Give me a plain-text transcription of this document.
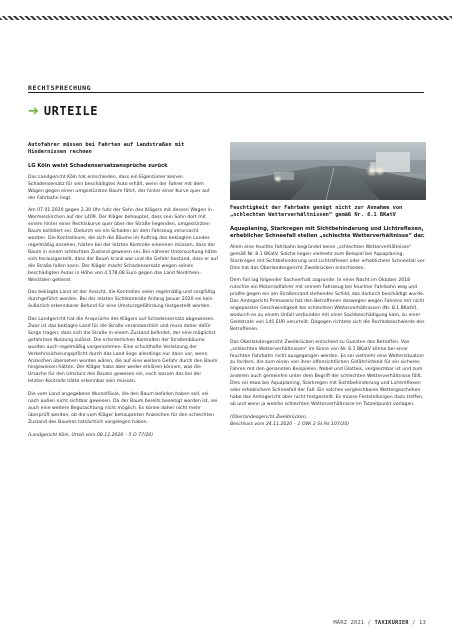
RECHTSPRECHUNG
➔ URTEILE
Autofahrer müssen bei Fahrten auf Landstraßen mit Hindernissen rechnen
LG Köln weist Schadensersatzansprüche zurück

Das Landgericht Köln hat entschieden, dass ein Eigentümer keinen Schadensersatz für sein beschädigtes Auto erhält, wenn der Fahrer mit dem Wagen gegen einen umgestürzten Baum fährt, der hinter einer Kurve quer auf der Fahrbahn liegt.

Am 07.01.2020 gegen 2.30 Uhr fuhr der Sohn des Klägers mit dessen Wagen in Wermelskirchen auf der L409. Der Kläger behauptet, dass sein Sohn dort mit einem hinter einer Rechtskurve quer über der Straße liegenden, umgestürzten Baum kollidiert sei. Dadurch sei ein Schaden an dem Fahrzeug verursacht worden. Die Kontrolleure, die sich die Bäume im Auftrag des beklagten Landes regelmäßig ansehen, hätten bei der letzten Kontrolle erkennen müssen, dass der Baum in einem schlechten Zustand gewesen sei. Bei näherer Untersuchung hätte sich herausgestellt, dass der Baum krank war und die Gefahr bestand, dass er auf die Straße fallen kann. Der Kläger macht Schadensersatz wegen seines beschädigten Autos in Höhe von 4.578,08 Euro gegen das Land Nordrhein-Westfalen geltend.

Das beklagte Land ist der Ansicht, die Kontrollen seien regelmäßig und sorgfältig durchgeführt worden. Bei der letzten Sichtkontrolle Anfang Januar 2020 sei kein äußerlich erkennbarer Befund für eine Umsturzgefährdung festgestellt worden.

Das Landgericht hat die Ansprüche des Klägers auf Schadensersatz abgewiesen. Zwar ist das beklagte Land für die Straße verantwortlich und muss daher dafür Sorge tragen, dass sich die Straße in einem Zustand befindet, der eine möglichst gefahrlose Nutzung zulässt. Die erforderlichen Kontrollen der Straßenbäume wurden auch regelmäßig vorgenommen. Eine schuldhafte Verletzung der Verkehrssicherungspflicht durch das Land liege allerdings nur dann vor, wenn Anzeichen übersehen worden wären, die auf eine weitere Gefahr durch den Baum hingewiesen hätten. Der Kläger habe aber weder erklären können, was die Ursache für den Umsturz des Baums gewesen sei, noch warum das bei der letzten Kontrolle hätte erkennbar sein müssen.

Die vom Land angegebene Wurzelfäule, die den Baum befallen haben soll, sei nach außen nicht sichtbar gewesen. Da der Baum bereits beseitigt worden ist, sei auch eine weitere Begutachtung nicht möglich. Es könne daher nicht mehr überprüft werden, ob die vom Kläger behaupteten Anzeichen für den schlechten Zustand des Baumes tatsächlich vorgelegen haben.

(Landgericht Köln, Urteil vom 08.12.2020 – 5 O 77/20)

Feuchtigkeit der Fahrbahn genügt nicht zur Annahme von „schlechten Wetterverhältnissen“ gemäß Nr. 8.1 BKatV
Aquaplaning, Starkregen mit Sichtbehinderung und Lichtreflexen, erheblicher Schneefall stellen „schlechte Wetterverhältnisse“ dar.

Allein eine feuchte Fahrbahn begründet keine „schlechten Wetterverhältnisse“ gemäß Nr. 8.1 BKatV. Solche liegen vielmehr zum Beispiel bei Aquaplaning, Starkregen mit Sichtbehinderung und Lichtreflexen oder erheblichem Schneefall vor. Dies hat das Oberlandesgericht Zweibrücken entschieden.

Dem Fall lag folgender Sachverhalt zugrunde: In einer Nacht im Oktober 2018 rutschte ein Motorradfahrer mit seinem Fahrzeug bei feuchter Fahrbahn weg und prallte gegen ein am Straßenrand stehendes Schild, das dadurch beschädigt wurde. Das Amtsgericht Primasens hat den Betroffenen deswegen wegen Fahrens mit nicht angepasster Geschwindigkeit bei schlechten Wetterverhältnissen (Nr. 8.1 BKatV), wodurch es zu einem Unfall verbunden mit einer Sachbeschädigung kam, zu einer Geldstrafe von 145 EUR verurteilt. Dagegen richtete sich die Rechtsbeschwerde des Betroffenen.

Das Oberlandesgericht Zweibrücken entschied zu Gunsten des Betroffen. Von „schlechten Wetterverhältnissen“ im Sinne von Nr. 8.1 BKatV könne bei einer feuchten Fahrbahn nicht ausgegangen werden. Es sei vielmehr eine Wettersituation zu fordern, die zum einen von ihrer offensichtlichen Gefährlichkeit für ein sicheres Fahren mit den genannten Beispielen, Nebel und Glatteis, vergleichbar ist und zum anderen auch gemeinhin unter dem Begriff der schlechten Wetterverhältnisse fällt. Dies sei etwa bei Aquaplaning, Starkregen mit Sichtbehinderung und Lichtreflexen oder erheblichem Schneefall der Fall. Ein solches vergleichbares Wettergeschehen habe das Amtsgericht aber nicht festgestellt. Es müsse Feststellungen dazu treffen, ob und wenn ja welche schlechten Wetterverhältnisse im Tatzeitpunkt vorlagen.

(Oberlandesgericht Zweibrücken,
Beschluss vom 24.11.2020 – 1 OWi 2 Ss Rs 107/20)

MÄRZ 2021 / TAXIKURIER / 13
